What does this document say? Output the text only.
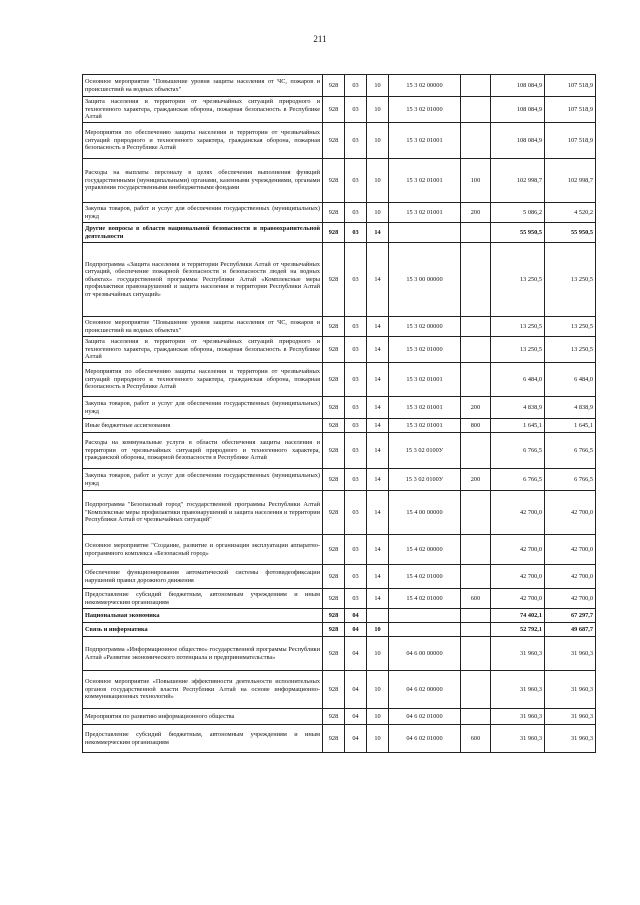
211
Основное мероприятие "Повышение уровня защиты населения от ЧС, пожаров и происшествий на водных объектах"	928	03	10	15 3 02 00000		108 084,9	107 518,9
Защита населения и территории от чрезвычайных ситуаций природного и техногенного характера, гражданская оборона, пожарная безопасность в Республике Алтай	928	03	10	15 3 02 01000		108 084,9	107 518,9
Мероприятия по обеспечению защиты населения и территории от чрезвычайных ситуаций природного и техногенного характера, гражданская оборона, пожарная безопасность в Республике Алтай	928	03	10	15 3 02 01001		108 084,9	107 518,9
Расходы на выплаты персоналу в целях обеспечения выполнения функций государственными (муниципальными) органами, казенными учреждениями, органами управления государственными внебюджетными фондами	928	03	10	15 3 02 01001	100	102 998,7	102 998,7
Закупка товаров, работ и услуг для обеспечения государственных (муниципальных) нужд	928	03	10	15 3 02 01001	200	5 086,2	4 520,2
Другие вопросы в области национальной безопасности и правоохранительной деятельности	928	03	14			55 950,5	55 950,5
Подпрограмма «Защита населения и территории Республики Алтай от чрезвычайных ситуаций, обеспечение пожарной безопасности и безопасности людей на водных объектах» государственной программы Республики Алтай «Комплексные меры профилактики правонарушений и защита населения и территории Республики Алтай от чрезвычайных ситуаций»	928	03	14	15 3 00 00000		13 250,5	13 250,5
Основное мероприятие "Повышение уровня защиты населения от ЧС, пожаров и происшествий на водных объектах"	928	03	14	15 3 02 00000		13 250,5	13 250,5
Защита населения и территории от чрезвычайных ситуаций природного и техногенного характера, гражданская оборона, пожарная безопасность в Республике Алтай	928	03	14	15 3 02 01000		13 250,5	13 250,5
Мероприятия по обеспечению защиты населения и территории от чрезвычайных ситуаций природного и техногенного характера, гражданская оборона, пожарная безопасность в Республике Алтай	928	03	14	15 3 02 01001		6 484,0	6 484,0
Закупка товаров, работ и услуг для обеспечения государственных (муниципальных) нужд	928	03	14	15 3 02 01001	200	4 838,9	4 838,9
Иные бюджетные ассигнования	928	03	14	15 3 02 01001	800	1 645,1	1 645,1
Расходы на коммунальные услуги в области обеспечения защиты населения и территории от чрезвычайных ситуаций природного и техногенного характера, гражданской обороны, пожарной безопасности в Республике Алтай	928	03	14	15 3 02 0100У		6 766,5	6 766,5
Закупка товаров, работ и услуг для обеспечения государственных (муниципальных) нужд	928	03	14	15 3 02 0100У	200	6 766,5	6 766,5
Подпрограмма "Безопасный город" государственной программы Республики Алтай "Комплексные меры профилактики правонарушений и защита населения и территории Республики Алтай от чрезвычайных ситуаций"	928	03	14	15 4 00 00000		42 700,0	42 700,0
Основное мероприятие "Создание, развитие и организация эксплуатации аппаратно-программного комплекса «Безопасный город»	928	03	14	15 4 02 00000		42 700,0	42 700,0
Обеспечение функционирования автоматической системы фотовидеофиксации нарушений правил дорожного движения	928	03	14	15 4 02 01000		42 700,0	42 700,0
Предоставление субсидий бюджетным, автономным учреждениям и иным некоммерческим организациям	928	03	14	15 4 02 01000	600	42 700,0	42 700,0
Национальная экономика	928	04				74 402,1	67 297,7
Связь и информатика	928	04	10			52 792,1	49 687,7
Подпрограмма «Информационное общество» государственной программы Республики Алтай «Развитие экономического потенциала и предпринимательства»	928	04	10	04 6 00 00000		31 960,3	31 960,3
Основное мероприятие «Повышение эффективности деятельности исполнительных органов государственной власти Республики Алтай на основе информационно-коммуникационных технологий»	928	04	10	04 6 02 00000		31 960,3	31 960,3
Мероприятия по развитию информационного общества	928	04	10	04 6 02 01000		31 960,3	31 960,3
Предоставление субсидий бюджетным, автономным учреждениям и иным некоммерческим организациям	928	04	10	04 6 02 01000	600	31 960,3	31 960,3
